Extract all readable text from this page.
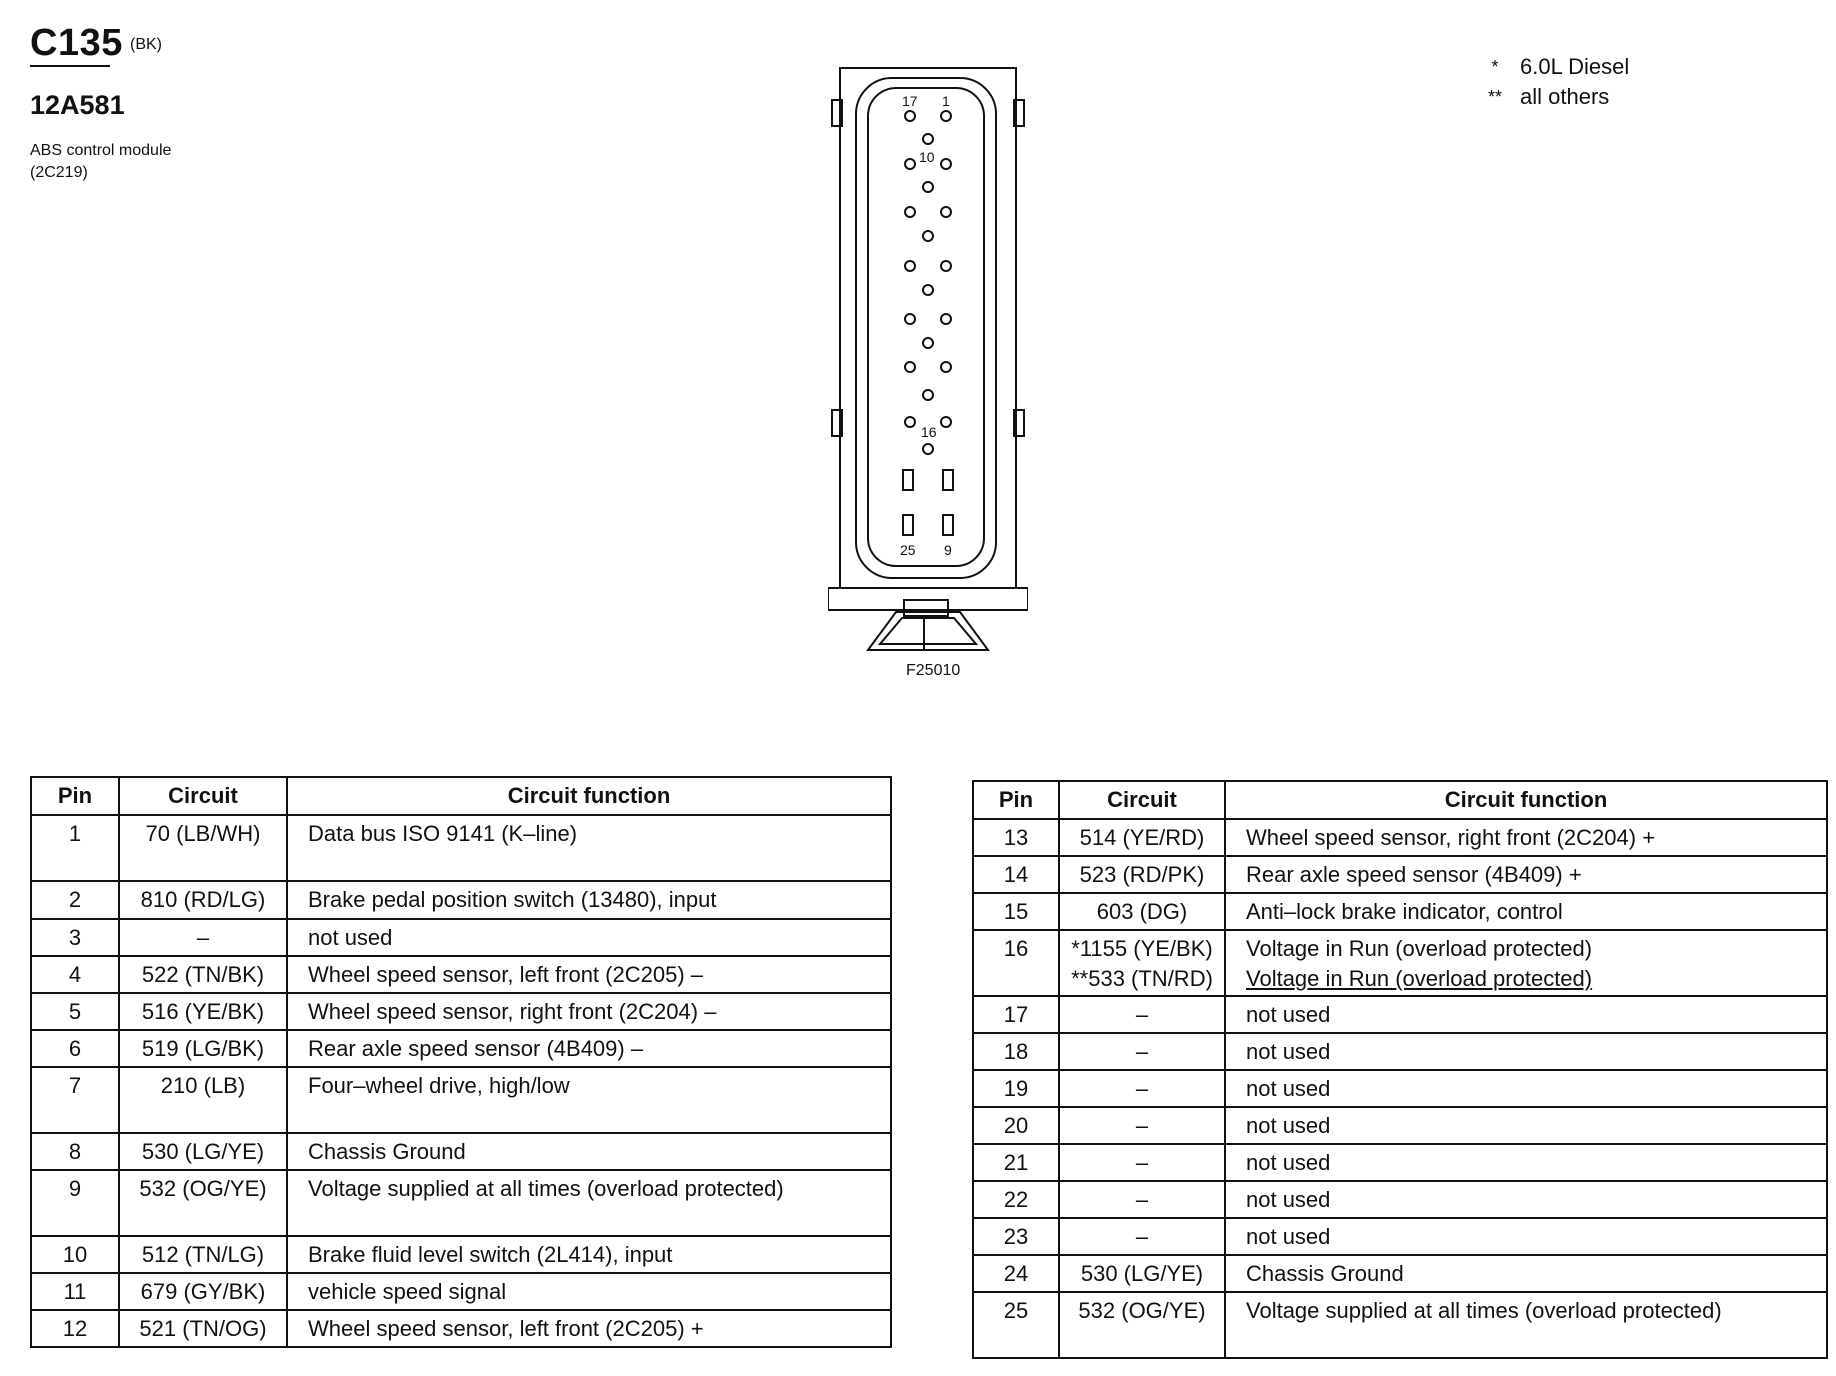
C135 (BK)
12A581
ABS control module
(2C219)
* 6.0L Diesel
** all others
17 1
10
16
25 9
F25010
Pin	Circuit	Circuit function
1	70 (LB/WH)	Data bus ISO 9141 (K–line)
2	810 (RD/LG)	Brake pedal position switch (13480), input
3	–	not used
4	522 (TN/BK)	Wheel speed sensor, left front (2C205) –
5	516 (YE/BK)	Wheel speed sensor, right front (2C204) –
6	519 (LG/BK)	Rear axle speed sensor (4B409) –
7	210 (LB)	Four–wheel drive, high/low
8	530 (LG/YE)	Chassis Ground
9	532 (OG/YE)	Voltage supplied at all times (overload protected)
10	512 (TN/LG)	Brake fluid level switch (2L414), input
11	679 (GY/BK)	vehicle speed signal
12	521 (TN/OG)	Wheel speed sensor, left front (2C205) +
Pin	Circuit	Circuit function
13	514 (YE/RD)	Wheel speed sensor, right front (2C204) +
14	523 (RD/PK)	Rear axle speed sensor (4B409) +
15	603 (DG)	Anti–lock brake indicator, control
16	*1155 (YE/BK)	Voltage in Run (overload protected)
	**533 (TN/RD)	Voltage in Run (overload protected)
17	–	not used
18	–	not used
19	–	not used
20	–	not used
21	–	not used
22	–	not used
23	–	not used
24	530 (LG/YE)	Chassis Ground
25	532 (OG/YE)	Voltage supplied at all times (overload protected)
